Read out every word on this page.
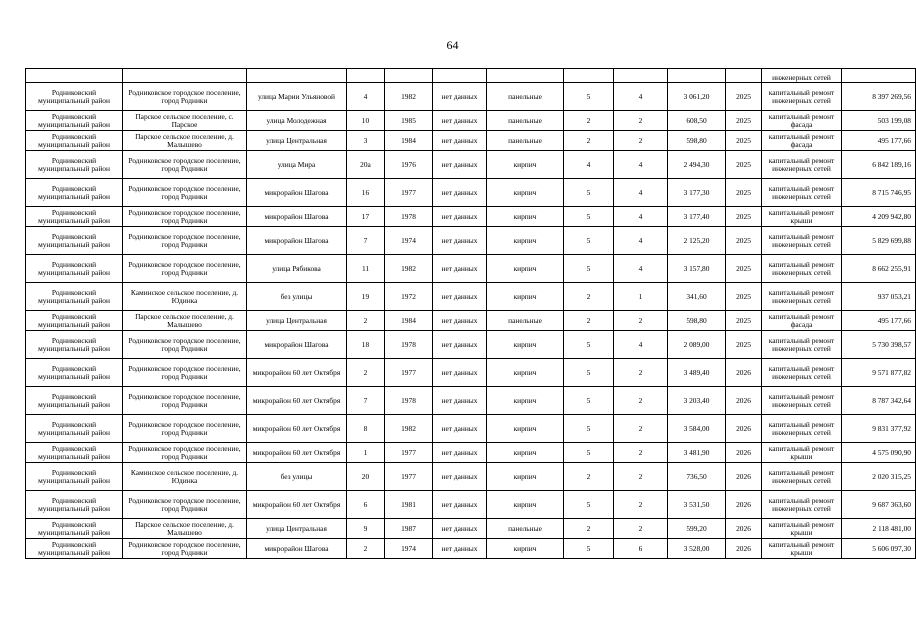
64
											инженерных сетей	
Родниковский муниципальный район	Родниковское городское поселение, город Родники	улица Марии Ульяновой	4	1982	нет данных	панельные	5	4	3 061,20	2025	капитальный ремонт инженерных сетей	8 397 269,56
Родниковский муниципальный район	Парское сельское поселение, с. Парское	улица Молодежная	10	1985	нет данных	панельные	2	2	608,50	2025	капитальный ремонт фасада	503 199,08
Родниковский муниципальный район	Парское сельское поселение, д. Малышево	улица Центральная	3	1984	нет данных	панельные	2	2	598,80	2025	капитальный ремонт фасада	495 177,66
Родниковский муниципальный район	Родниковское городское поселение, город Родники	улица Мира	20а	1976	нет данных	кирпич	4	4	2 494,30	2025	капитальный ремонт инженерных сетей	6 842 189,16
Родниковский муниципальный район	Родниковское городское поселение, город Родники	микрорайон Шагова	16	1977	нет данных	кирпич	5	4	3 177,30	2025	капитальный ремонт инженерных сетей	8 715 746,95
Родниковский муниципальный район	Родниковское городское поселение, город Родники	микрорайон Шагова	17	1978	нет данных	кирпич	5	4	3 177,40	2025	капитальный ремонт крыши	4 209 942,80
Родниковский муниципальный район	Родниковское городское поселение, город Родники	микрорайон Шагова	7	1974	нет данных	кирпич	5	4	2 125,20	2025	капитальный ремонт инженерных сетей	5 829 699,88
Родниковский муниципальный район	Родниковское городское поселение, город Родники	улица Рябикова	11	1982	нет данных	кирпич	5	4	3 157,80	2025	капитальный ремонт инженерных сетей	8 662 255,91
Родниковский муниципальный район	Каминское сельское поселение, д. Юдинка	без улицы	19	1972	нет данных	кирпич	2	1	341,60	2025	капитальный ремонт инженерных сетей	937 053,21
Родниковский муниципальный район	Парское сельское поселение, д. Малышево	улица Центральная	2	1984	нет данных	панельные	2	2	598,80	2025	капитальный ремонт фасада	495 177,66
Родниковский муниципальный район	Родниковское городское поселение, город Родники	микрорайон Шагова	18	1978	нет данных	кирпич	5	4	2 089,00	2025	капитальный ремонт инженерных сетей	5 730 398,57
Родниковский муниципальный район	Родниковское городское поселение, город Родники	микрорайон 60 лет Октября	2	1977	нет данных	кирпич	5	2	3 489,40	2026	капитальный ремонт инженерных сетей	9 571 877,82
Родниковский муниципальный район	Родниковское городское поселение, город Родники	микрорайон 60 лет Октября	7	1978	нет данных	кирпич	5	2	3 203,40	2026	капитальный ремонт инженерных сетей	8 787 342,64
Родниковский муниципальный район	Родниковское городское поселение, город Родники	микрорайон 60 лет Октября	8	1982	нет данных	кирпич	5	2	3 584,00	2026	капитальный ремонт инженерных сетей	9 831 377,92
Родниковский муниципальный район	Родниковское городское поселение, город Родники	микрорайон 60 лет Октября	1	1977	нет данных	кирпич	5	2	3 481,90	2026	капитальный ремонт крыши	4 575 090,90
Родниковский муниципальный район	Каминское сельское поселение, д. Юдинка	без улицы	20	1977	нет данных	кирпич	2	2	736,50	2026	капитальный ремонт инженерных сетей	2 020 315,25
Родниковский муниципальный район	Родниковское городское поселение, город Родники	микрорайон 60 лет Октября	6	1981	нет данных	кирпич	5	2	3 531,50	2026	капитальный ремонт инженерных сетей	9 687 363,60
Родниковский муниципальный район	Парское сельское поселение, д. Малышево	улица Центральная	9	1987	нет данных	панельные	2	2	599,20	2026	капитальный ремонт крыши	2 118 481,00
Родниковский муниципальный район	Родниковское городское поселение, город Родники	микрорайон Шагова	2	1974	нет данных	кирпич	5	6	3 528,00	2026	капитальный ремонт крыши	5 606 097,30
